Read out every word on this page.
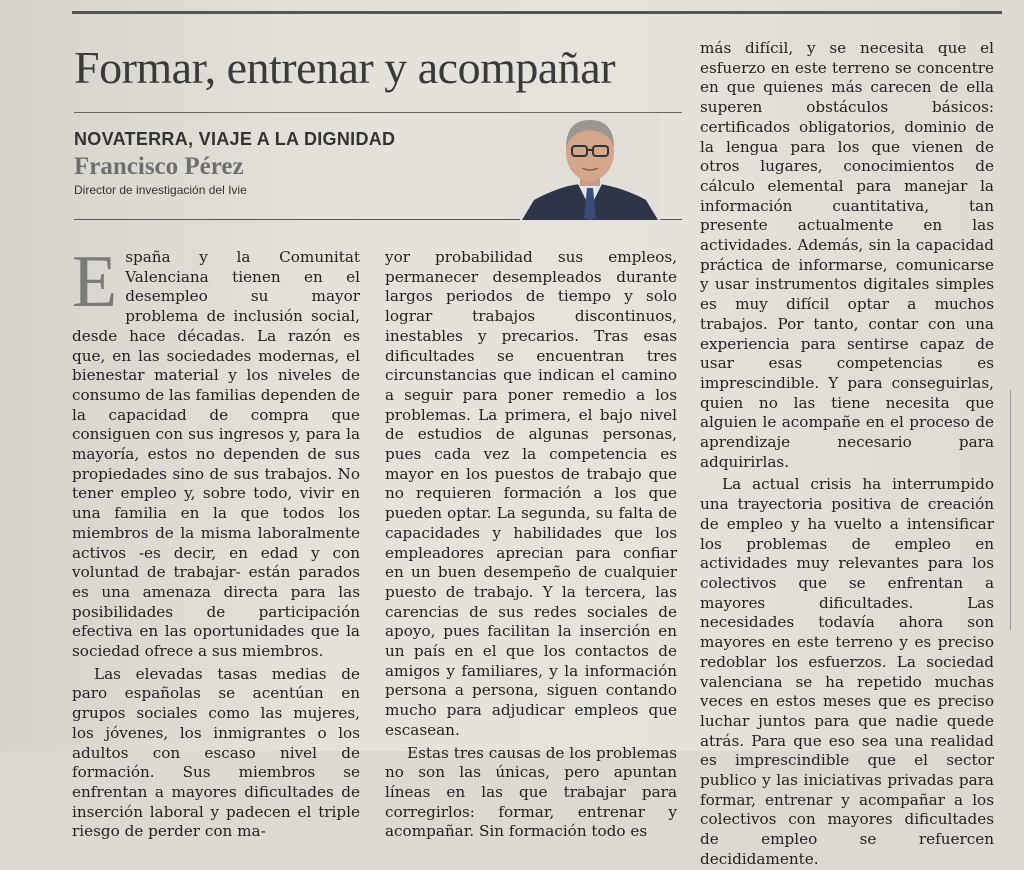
Formar, entrenar y acompañar
NOVATERRA, VIAJE A LA DIGNIDAD
Francisco Pérez
Director de investigación del Ivie

España y la Comunitat Valenciana tienen en el desempleo su mayor problema de inclusión social, desde hace décadas. La razón es que, en las sociedades modernas, el bienestar material y los niveles de consumo de las familias dependen de la capacidad de compra que consiguen con sus ingresos y, para la mayoría, estos no dependen de sus propiedades sino de sus trabajos. No tener empleo y, sobre todo, vivir en una familia en la que todos los miembros de la misma laboralmente activos -es decir, en edad y con voluntad de trabajar- están parados es una amenaza directa para las posibilidades de participación efectiva en las oportunidades que la sociedad ofrece a sus miembros.

Las elevadas tasas medias de paro españolas se acentúan en grupos sociales como las mujeres, los jóvenes, los inmigrantes o los adultos con escaso nivel de formación. Sus miembros se enfrentan a mayores dificultades de inserción laboral y padecen el triple riesgo de perder con ma-

yor probabilidad sus empleos, permanecer desempleados durante largos periodos de tiempo y solo lograr trabajos discontinuos, inestables y precarios. Tras esas dificultades se encuentran tres circunstancias que indican el camino a seguir para poner remedio a los problemas. La primera, el bajo nivel de estudios de algunas personas, pues cada vez la competencia es mayor en los puestos de trabajo que no requieren formación a los que pueden optar. La segunda, su falta de capacidades y habilidades que los empleadores aprecian para confiar en un buen desempeño de cualquier puesto de trabajo. Y la tercera, las carencias de sus redes sociales de apoyo, pues facilitan la inserción en un país en el que los contactos de amigos y familiares, y la información persona a persona, siguen contando mucho para adjudicar empleos que escasean.

Estas tres causas de los problemas no son las únicas, pero apuntan líneas en las que trabajar para corregirlos: formar, entrenar y acompañar. Sin formación todo es

más difícil, y se necesita que el esfuerzo en este terreno se concentre en que quienes más carecen de ella superen obstáculos básicos: certificados obligatorios, dominio de la lengua para los que vienen de otros lugares, conocimientos de cálculo elemental para manejar la información cuantitativa, tan presente actualmente en las actividades. Además, sin la capacidad práctica de informarse, comunicarse y usar instrumentos digitales simples es muy difícil optar a muchos trabajos. Por tanto, contar con una experiencia para sentirse capaz de usar esas competencias es imprescindible. Y para conseguirlas, quien no las tiene necesita que alguien le acompañe en el proceso de aprendizaje necesario para adquirirlas.

La actual crisis ha interrumpido una trayectoria positiva de creación de empleo y ha vuelto a intensificar los problemas de empleo en actividades muy relevantes para los colectivos que se enfrentan a mayores dificultades. Las necesidades todavía ahora son mayores en este terreno y es preciso redoblar los esfuerzos. La sociedad valenciana se ha repetido muchas veces en estos meses que es preciso luchar juntos para que nadie quede atrás. Para que eso sea una realidad es imprescindible que el sector publico y las iniciativas privadas para formar, entrenar y acompañar a los colectivos con mayores dificultades de empleo se refuercen decididamente.
